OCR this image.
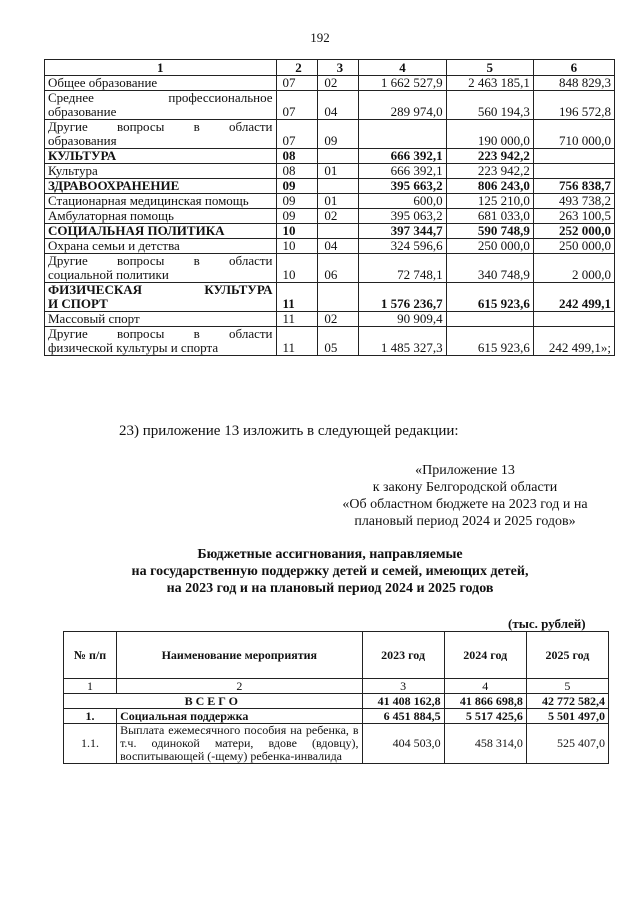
192
1	2	3	4	5	6

Общее образование	07	02	1 662 527,9	2 463 185,1	848 829,3

Среднее профессиональное
образование	07	04	289 974,0	560 194,3	196 572,8

Другие вопросы в области
образования	07	09		190 000,0	710 000,0

КУЛЬТУРА	08		666 392,1	223 942,2	

Культура	08	01	666 392,1	223 942,2	

ЗДРАВООХРАНЕНИЕ	09		395 663,2	806 243,0	756 838,7

Стационарная медицинская помощь	09	01	600,0	125 210,0	493 738,2

Амбулаторная помощь	09	02	395 063,2	681 033,0	263 100,5

СОЦИАЛЬНАЯ ПОЛИТИКА	10		397 344,7	590 748,9	252 000,0

Охрана семьи и детства	10	04	324 596,6	250 000,0	250 000,0

Другие вопросы в области
социальной политики	10	06	72 748,1	340 748,9	2 000,0

ФИЗИЧЕСКАЯ КУЛЬТУРА
И СПОРТ	11		1 576 236,7	615 923,6	242 499,1

Массовый спорт	11	02	90 909,4		

Другие вопросы в области
физической культуры и спорта	11	05	1 485 327,3	615 923,6	242 499,1»;
23) приложение 13 изложить в следующей редакции:
«Приложение 13
к закону Белгородской области
«Об областном бюджете на 2023 год и на
плановый период 2024 и 2025 годов»
Бюджетные ассигнования, направляемые
на государственную поддержку детей и семей, имеющих детей,
на 2023 год и на плановый период 2024 и 2025 годов
(тыс. рублей)
№ п/п	Наименование мероприятия	2023 год	2024 год	2025 год
1	2	3	4	5
ВСЕГО		41 408 162,8	41 866 698,8	42 772 582,4
1.	Социальная поддержка	6 451 884,5	5 517 425,6	5 501 497,0
1.1.	Выплата ежемесячного пособия на ребенка, в т.ч. одинокой матери, вдове (вдовцу), воспитывающей (-щему) ребенка-инвалида	404 503,0	458 314,0	525 407,0
